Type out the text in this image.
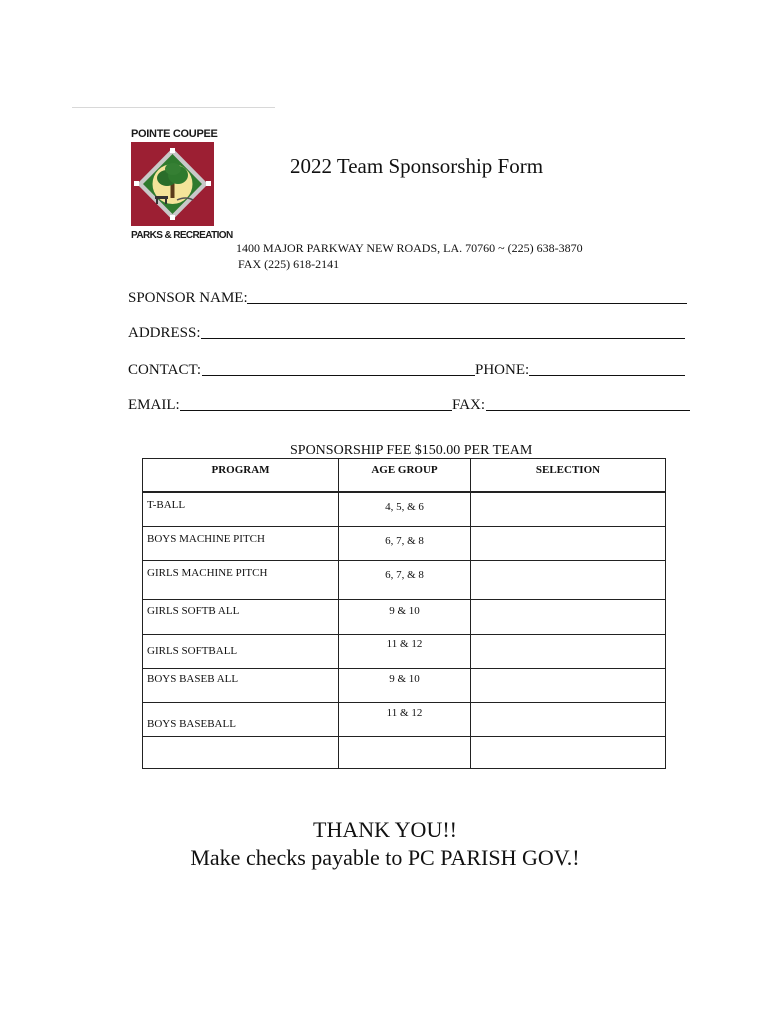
POINTE COUPEE
PARKS & RECREATION
2022 Team Sponsorship Form
1400 MAJOR PARKWAY NEW ROADS, LA. 70760 ~ (225) 638-3870
FAX (225) 618-2141
SPONSOR NAME:
ADDRESS:
CONTACT:	PHONE:
EMAIL:	FAX:
SPONSORSHIP FEE $150.00 PER TEAM
PROGRAM	AGE GROUP	SELECTION

T-BALL	4, 5, & 6	

BOYS MACHINE PITCH	6, 7, & 8	

GIRLS MACHINE PITCH	6, 7, & 8	

GIRLS SOFTB ALL	9 & 10	

GIRLS SOFTBALL	11 & 12	

BOYS BASEB ALL	9 & 10	

BOYS BASEBALL	11 & 12	

THANK YOU!!
Make checks payable to PC PARISH GOV.!
